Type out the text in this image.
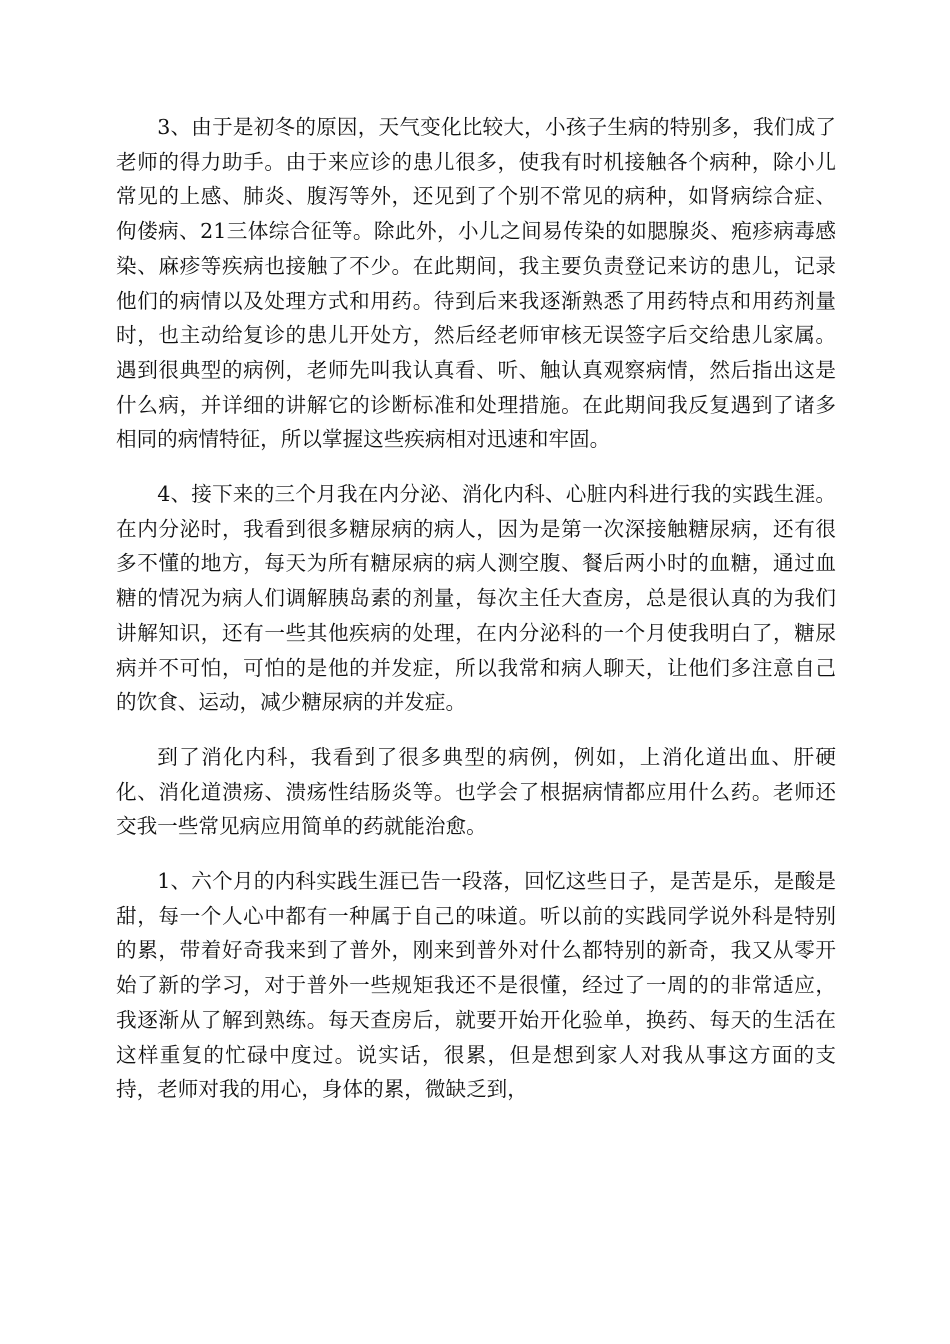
3、由于是初冬的原因，天气变化比较大，小孩子生病的特别多，我们成了老师的得力助手。由于来应诊的患儿很多，使我有时机接触各个病种，除小儿常见的上感、肺炎、腹泻等外，还见到了个别不常见的病种，如肾病综合症、佝偻病、21三体综合征等。除此外，小儿之间易传染的如腮腺炎、疱疹病毒感染、麻疹等疾病也接触了不少。在此期间，我主要负责登记来访的患儿，记录他们的病情以及处理方式和用药。待到后来我逐渐熟悉了用药特点和用药剂量时，也主动给复诊的患儿开处方，然后经老师审核无误签字后交给患儿家属。遇到很典型的病例，老师先叫我认真看、听、触认真观察病情，然后指出这是什么病，并详细的讲解它的诊断标准和处理措施。在此期间我反复遇到了诸多相同的病情特征，所以掌握这些疾病相对迅速和牢固。

4、接下来的三个月我在内分泌、消化内科、心脏内科进行我的实践生涯。在内分泌时，我看到很多糖尿病的病人，因为是第一次深接触糖尿病，还有很多不懂的地方，每天为所有糖尿病的病人测空腹、餐后两小时的血糖，通过血糖的情况为病人们调解胰岛素的剂量，每次主任大查房，总是很认真的为我们讲解知识，还有一些其他疾病的处理，在内分泌科的一个月使我明白了，糖尿病并不可怕，可怕的是他的并发症，所以我常和病人聊天，让他们多注意自己的饮食、运动，减少糖尿病的并发症。

到了消化内科，我看到了很多典型的病例，例如，上消化道出血、肝硬化、消化道溃疡、溃疡性结肠炎等。也学会了根据病情都应用什么药。老师还交我一些常见病应用简单的药就能治愈。

1、六个月的内科实践生涯已告一段落，回忆这些日子，是苦是乐，是酸是甜，每一个人心中都有一种属于自己的味道。听以前的实践同学说外科是特别的累，带着好奇我来到了普外，刚来到普外对什么都特别的新奇，我又从零开始了新的学习，对于普外一些规矩我还不是很懂，经过了一周的的非常适应，我逐渐从了解到熟练。每天查房后，就要开始开化验单，换药、每天的生活在这样重复的忙碌中度过。说实话，很累，但是想到家人对我从事这方面的支持，老师对我的用心，身体的累，微缺乏到，
